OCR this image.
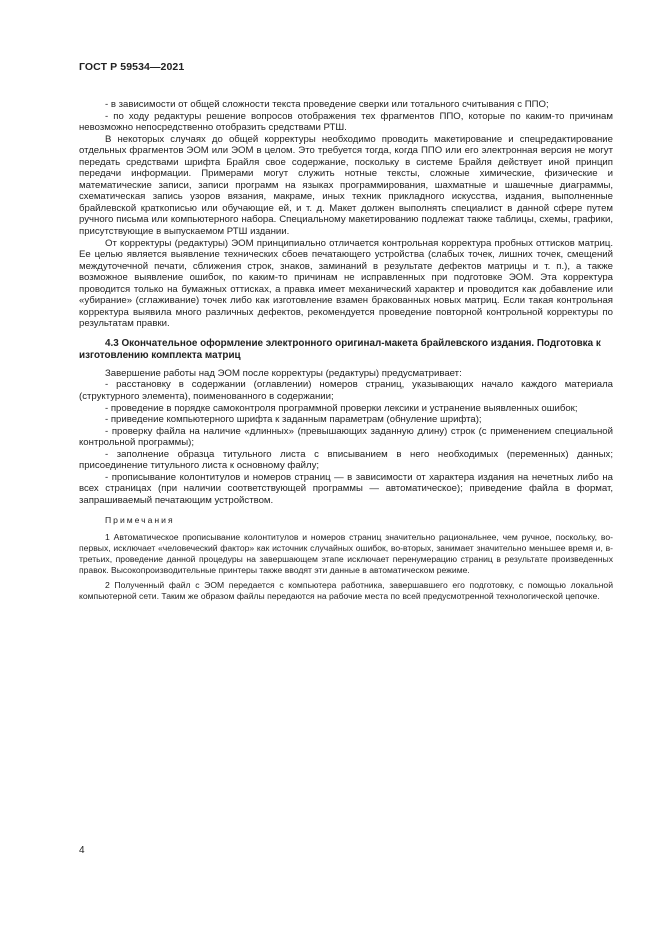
ГОСТ Р 59534—2021

- в зависимости от общей сложности текста проведение сверки или тотального считывания с ППО;

- по ходу редактуры решение вопросов отображения тех фрагментов ППО, которые по каким-то причинам невозможно непосредственно отобразить средствами РТШ.

В некоторых случаях до общей корректуры необходимо проводить макетирование и спецредактирование отдельных фрагментов ЭОМ или ЭОМ в целом. Это требуется тогда, когда ППО или его электронная версия не могут передать средствами шрифта Брайля свое содержание, поскольку в системе Брайля действует иной принцип передачи информации. Примерами могут служить нотные тексты, сложные химические, физические и математические записи, записи программ на языках программирования, шахматные и шашечные диаграммы, схематическая запись узоров вязания, макраме, иных техник прикладного искусства, издания, выполненные брайлевской краткописью или обучающие ей, и т. д. Макет должен выполнять специалист в данной сфере путем ручного письма или компьютерного набора. Специальному макетированию подлежат также таблицы, схемы, графики, присутствующие в выпускаемом РТШ издании.

От корректуры (редактуры) ЭОМ принципиально отличается контрольная корректура пробных оттисков матриц. Ее целью является выявление технических сбоев печатающего устройства (слабых точек, лишних точек, смещений междуточечной печати, сближения строк, знаков, заминаний в результате дефектов матрицы и т. п.), а также возможное выявление ошибок, по каким-то причинам не исправленных при подготовке ЭОМ. Эта корректура проводится только на бумажных оттисках, а правка имеет механический характер и проводится как добавление или «убирание» (сглаживание) точек либо как изготовление взамен бракованных новых матриц. Если такая контрольная корректура выявила много различных дефектов, рекомендуется проведение повторной контрольной корректуры по результатам правки.

4.3 Окончательное оформление электронного оригинал-макета брайлевского издания. Подготовка к изготовлению комплекта матриц

Завершение работы над ЭОМ после корректуры (редактуры) предусматривает:

- расстановку в содержании (оглавлении) номеров страниц, указывающих начало каждого материала (структурного элемента), поименованного в содержании;

- проведение в порядке самоконтроля программной проверки лексики и устранение выявленных ошибок;

- приведение компьютерного шрифта к заданным параметрам (обнуление шрифта);

- проверку файла на наличие «длинных» (превышающих заданную длину) строк (с применением специальной контрольной программы);

- заполнение образца титульного листа с вписыванием в него необходимых (переменных) данных; присоединение титульного листа к основному файлу;

- прописывание колонтитулов и номеров страниц — в зависимости от характера издания на нечетных либо на всех страницах (при наличии соответствующей программы — автоматическое); приведение файла в формат, запрашиваемый печатающим устройством.

Примечания

1 Автоматическое прописывание колонтитулов и номеров страниц значительно рациональнее, чем ручное, поскольку, во-первых, исключает «человеческий фактор» как источник случайных ошибок, во-вторых, занимает значительно меньшее время и, в-третьих, проведение данной процедуры на завершающем этапе исключает перенумерацию страниц в результате произведенных правок. Высокопроизводительные принтеры также вводят эти данные в автоматическом режиме.

2 Полученный файл с ЭОМ передается с компьютера работника, завершавшего его подготовку, с помощью локальной компьютерной сети. Таким же образом файлы передаются на рабочие места по всей предусмотренной технологической цепочке.

4
